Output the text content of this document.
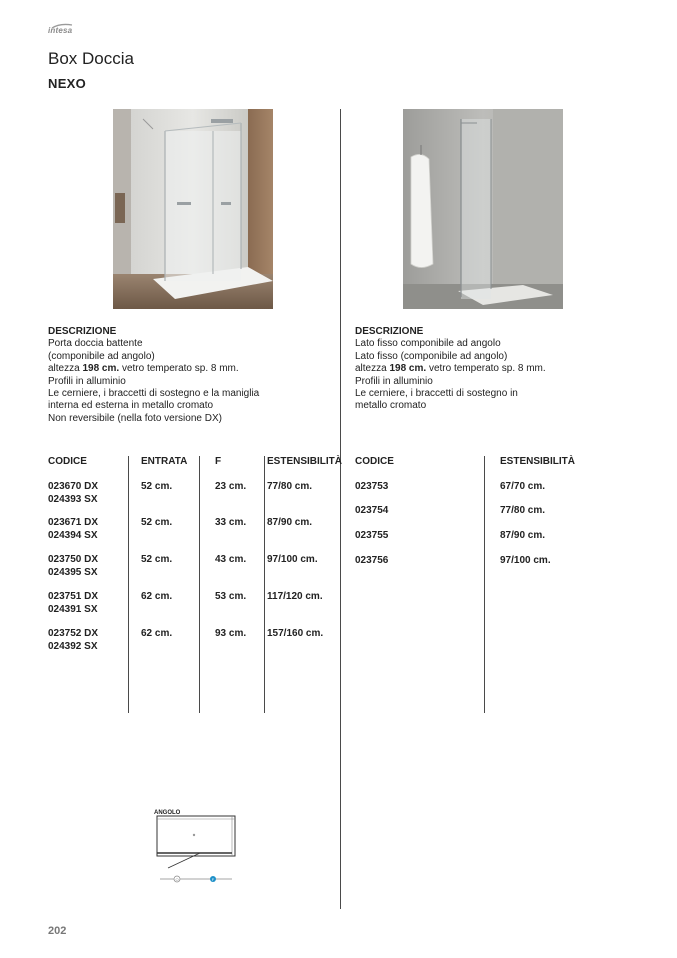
intesa
Box Doccia
NEXO
DESCRIZIONE

Porta doccia battente

(componibile ad angolo)

altezza 198 cm. vetro temperato sp. 8 mm.

Profili in alluminio

Le cerniere, i braccetti di sostegno e la maniglia

interna ed esterna in metallo cromato

Non reversibile (nella foto versione DX)

DESCRIZIONE

Lato fisso componibile ad angolo

Lato fisso (componibile ad angolo)

altezza 198 cm. vetro temperato sp. 8 mm.

Profili in alluminio

Le cerniere, i braccetti di sostegno in

metallo cromato

CODICE	ENTRATA	F	ESTENSIBILITÀ
023670 DX
024393 SX
52 cm.	23 cm. 77/80 cm.
023671 DX
024394 SX
52 cm.	33 cm. 87/90 cm.
023750 DX
024395 SX
52 cm.	43 cm. 97/100 cm.
023751 DX
024391 SX
62 cm.	53 cm. 117/120 cm.
023752 DX
024392 SX
62 cm.	93 cm. 157/160 cm.
CODICE	ESTENSIBILITÀ
023753	67/70 cm.
023754	77/80 cm.
023755	87/90 cm.
023756	97/100 cm.
ANGOLO
O	F
202
